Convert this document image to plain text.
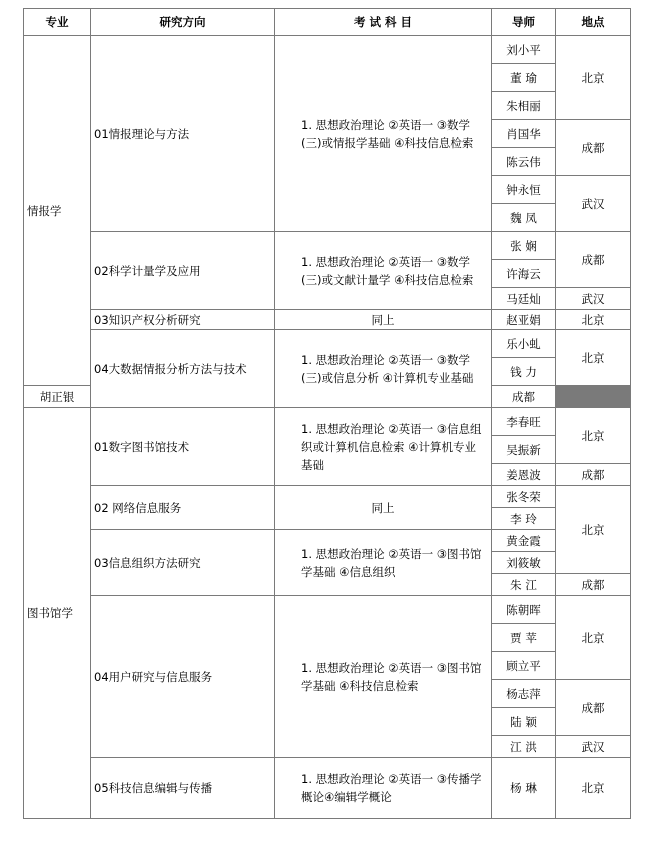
专业	研究方向	考 试 科 目	导师	地点
情报学	01情报理论与方法	1. 思想政治理论 ②英语一 ③数学(三)或情报学基础 ④科技信息检索	刘小平	北京
			董 瑜	
			朱相丽	
			肖国华	成都
			陈云伟	
			钟永恒	武汉
			魏 凤	
	02科学计量学及应用	1. 思想政治理论 ②英语一 ③数学(三)或文献计量学 ④科技信息检索	张 娴	成都
			许海云	
			马廷灿	武汉
	03知识产权分析研究	同上	赵亚娟	北京
	04大数据情报分析方法与技术	1. 思想政治理论 ②英语一 ③数学(三)或信息分析 ④计算机专业基础	乐小虬	北京
			钱 力	
胡正银			成都	
图书馆学	01数字图书馆技术	1. 思想政治理论 ②英语一 ③信息组织或计算机信息检索 ④计算机专业基础	李春旺	北京
			吴振新	
			姜恩波	成都
	02 网络信息服务	同上	张冬荣	北京
			李 玲	
	03信息组织方法研究	1. 思想政治理论 ②英语一 ③图书馆学基础 ④信息组织	黄金霞	
			刘筱敏	
			朱 江	成都
	04用户研究与信息服务	1. 思想政治理论 ②英语一 ③图书馆学基础 ④科技信息检索	陈朝晖	北京
			贾 苹	
			顾立平	
			杨志萍	成都
			陆 颖	
			江 洪	武汉
	05科技信息编辑与传播	1. 思想政治理论 ②英语一 ③传播学概论④编辑学概论	杨 琳	北京
